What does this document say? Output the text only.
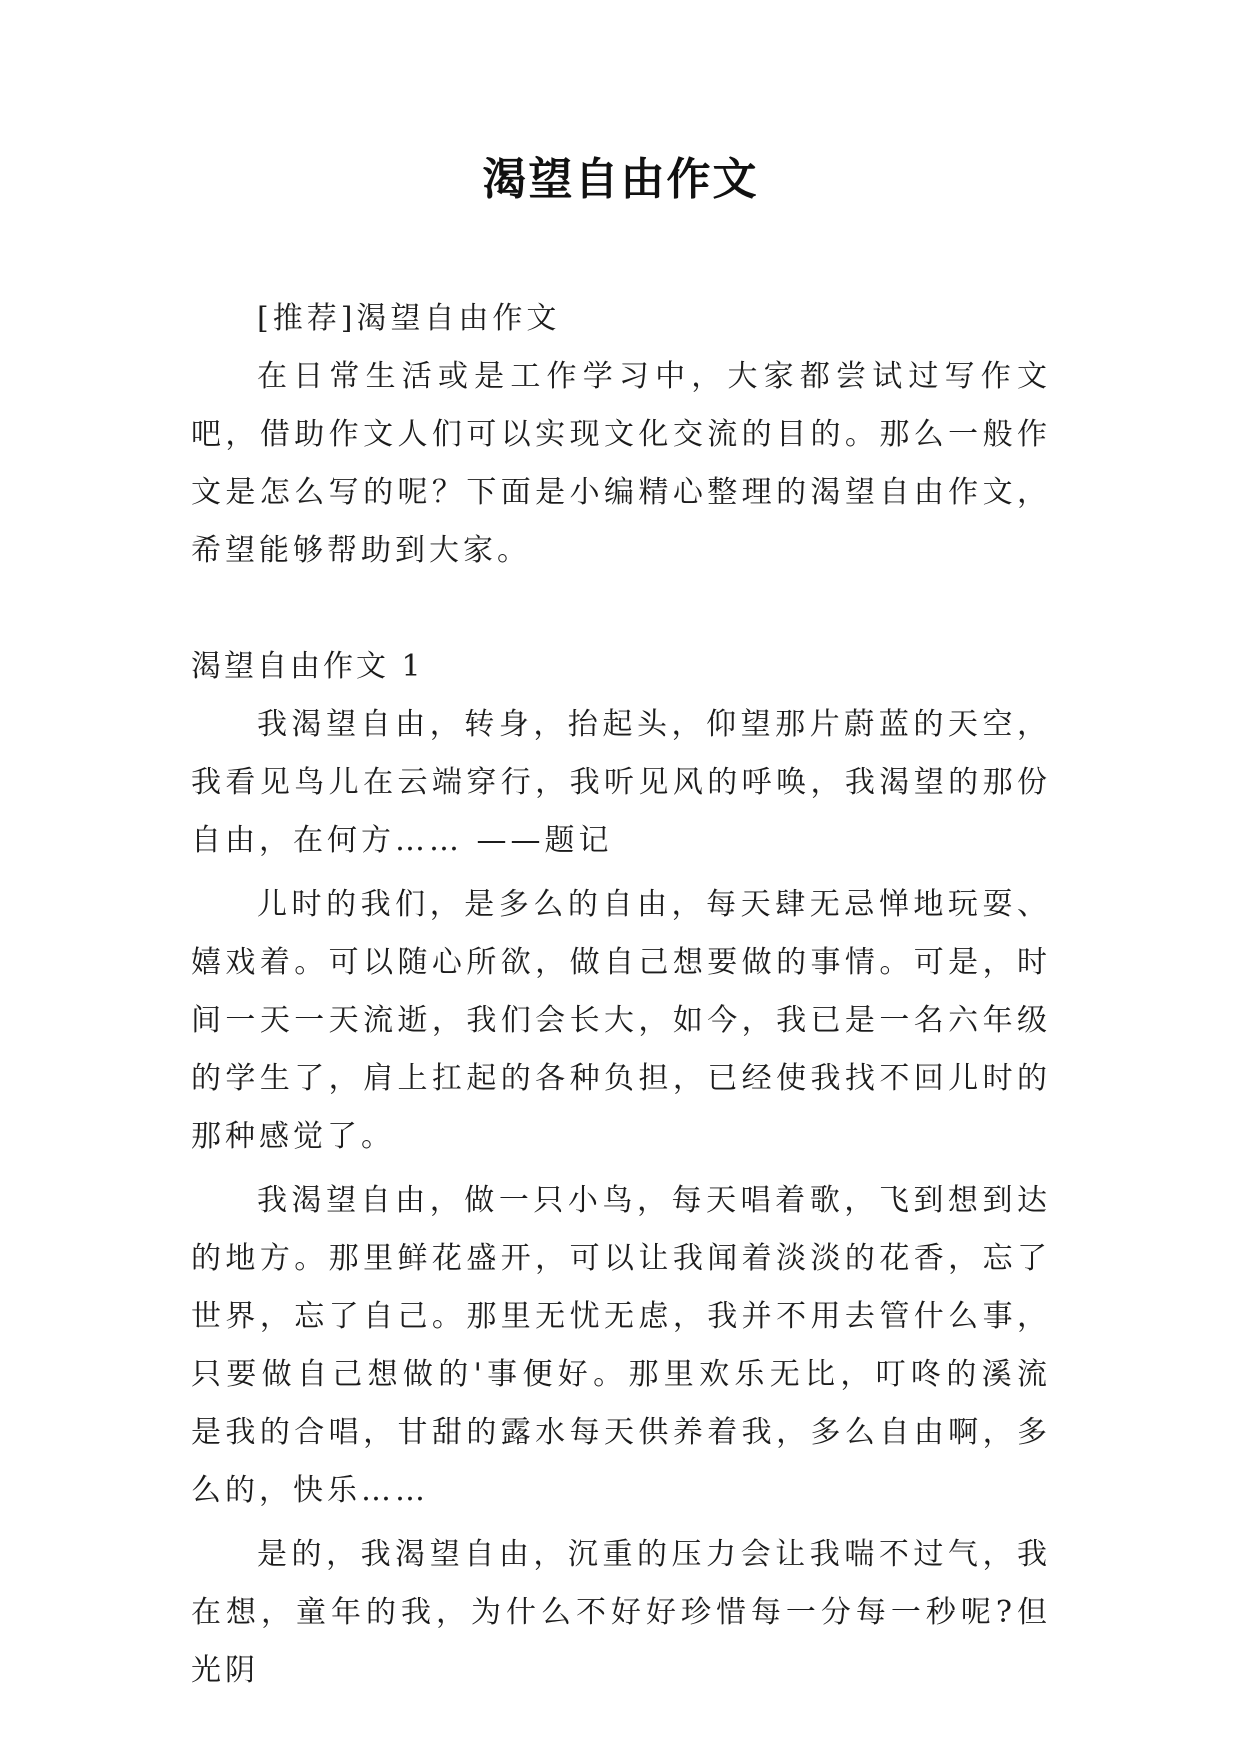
渴望自由作文

[推荐]渴望自由作文

在日常生活或是工作学习中，大家都尝试过写作文吧，借助作文人们可以实现文化交流的目的。那么一般作文是怎么写的呢？下面是小编精心整理的渴望自由作文，希望能够帮助到大家。

渴望自由作文 1

我渴望自由，转身，抬起头，仰望那片蔚蓝的天空，我看见鸟儿在云端穿行，我听见风的呼唤，我渴望的那份自由，在何方…… ——题记

儿时的我们，是多么的自由，每天肆无忌惮地玩耍、嬉戏着。可以随心所欲，做自己想要做的事情。可是，时间一天一天流逝，我们会长大，如今，我已是一名六年级的学生了，肩上扛起的各种负担，已经使我找不回儿时的那种感觉了。

我渴望自由，做一只小鸟，每天唱着歌，飞到想到达的地方。那里鲜花盛开，可以让我闻着淡淡的花香，忘了世界，忘了自己。那里无忧无虑，我并不用去管什么事，只要做自己想做的'事便好。那里欢乐无比，叮咚的溪流是我的合唱，甘甜的露水每天供养着我，多么自由啊，多么的，快乐……

是的，我渴望自由，沉重的压力会让我喘不过气，我在想，童年的我，为什么不好好珍惜每一分每一秒呢?但光阴
